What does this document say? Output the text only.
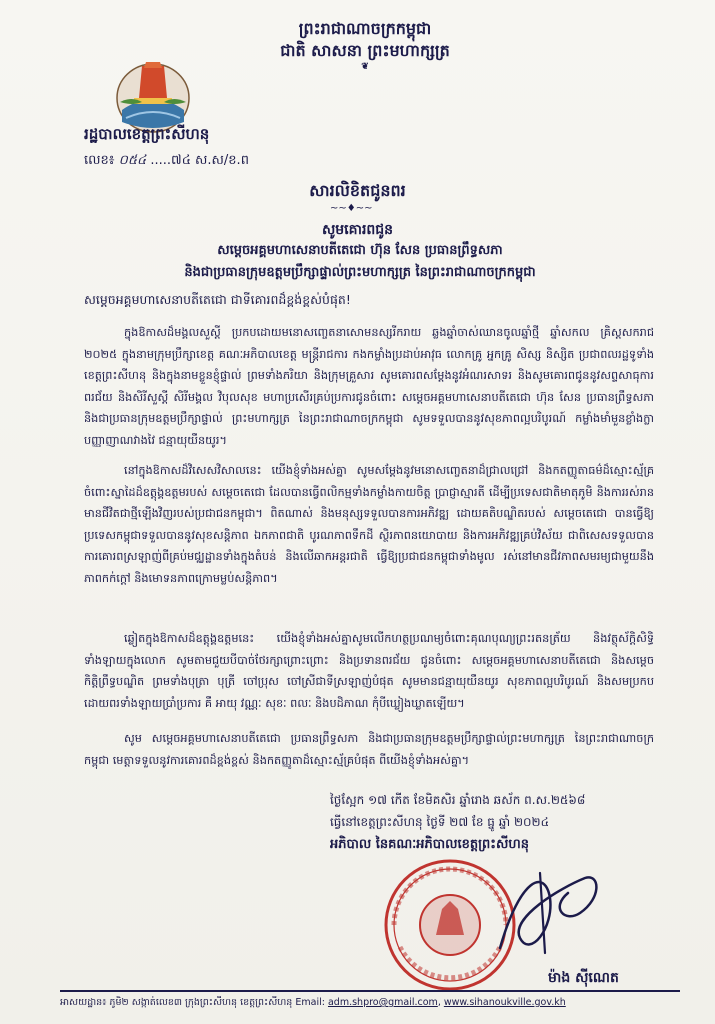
ព្រះរាជាណាចក្រកម្ពុជា
ជាតិ សាសនា ព្រះមហាក្សត្រ
❦
រដ្ឋបាលខេត្តព្រះសីហនុ
លេខ៖ ០៥៤ .....៧៤ ស.ស/ខ.ព
សារលិខិតជូនពរ
~~♦~~
សូមគោរពជូន
សម្តេចអគ្គមហាសេនាបតីតេជោ ហ៊ុន សែន ប្រធានព្រឹទ្ធសភា
និងជាប្រធានក្រុមឧត្តមប្រឹក្សាផ្ទាល់ព្រះមហាក្សត្រ នៃព្រះរាជាណាចក្រកម្ពុជា
សម្តេចអគ្គមហាសេនាបតីតេជោ ជាទីគោរពដ៏ខ្ពង់ខ្ពស់បំផុត!
ក្នុងឱកាសដ៏មង្គលសួស្តី ប្រកបដោយមនោសញ្ចេតនាសោមនស្សរីករាយ ឆ្លងឆ្នាំចាស់ឈានចូលឆ្នាំថ្មី ឆ្នាំសកល គ្រិស្តសករាជ ២០២៥ ក្នុងនាមក្រុមប្រឹក្សាខេត្ត គណៈអភិបាលខេត្ត មន្ត្រីរាជការ កងកម្លាំងប្រដាប់អាវុធ លោកគ្រូ អ្នកគ្រូ សិស្ស និស្សិត ប្រជាពលរដ្ឋទូទាំងខេត្តព្រះសីហនុ និងក្នុងនាមខ្លួនខ្ញុំផ្ទាល់ ព្រមទាំងភរិយា និងក្រុមគ្រួសារ សូមគោរពសម្តែងនូវអំណរសាទរ និងសូមគោរពជូននូវសព្ទសាធុការពរជ័យ និងសិរីសួស្តី សិរីមង្គល វិបុលសុខ មហាប្រសើរគ្រប់ប្រការជូនចំពោះ សម្តេចអគ្គមហាសេនាបតីតេជោ ហ៊ុន សែន ប្រធានព្រឹទ្ធសភា និងជាប្រធានក្រុមឧត្តមប្រឹក្សាផ្ទាល់ ព្រះមហាក្សត្រ នៃព្រះរាជាណាចក្រកម្ពុជា សូមទទួលបាននូវសុខភាពល្អបរិបូរណ៍ កម្លាំងមាំមួនខ្លាំងក្លា បញ្ញាញាណវាងវៃ ជន្មាយុយឺនយូរ។
នៅក្នុងឱកាសដ៏វិសេសវិសាលនេះ យើងខ្ញុំទាំងអស់គ្នា សូមសម្តែងនូវមនោសញ្ចេតនាដ៏ជ្រាលជ្រៅ និងកតញ្ញូតាធម៌ដ៏ស្មោះស្ម័គ្រចំពោះស្នាដៃដ៏ឧត្តុង្គឧត្តមរបស់ សម្តេចតេជោ ដែលបានធ្វើពលិកម្មទាំងកម្លាំងកាយចិត្ត ប្រាជ្ញាស្មារតី ដើម្បីប្រទេសជាតិមាតុភូមិ និងការរស់រានមានជីវិតជាថ្មីឡើងវិញរបស់ប្រជាជនកម្ពុជា។ ពិតណាស់ និងមនុស្សទទួលបានការអភិវឌ្ឍ ដោយគតិបណ្ឌិតរបស់ សម្តេចតេជោ បានធ្វើឱ្យប្រទេសកម្ពុជាទទួលបាននូវសុខសន្តិភាព ឯកភាពជាតិ បូរណភាពទឹកដី ស្ថិរភាពនយោបាយ និងការអភិវឌ្ឍគ្រប់វិស័យ ជាពិសេសទទួលបានការគោរពស្រឡាញ់ពីគ្រប់មជ្ឈដ្ឋានទាំងក្នុងតំបន់ និងលើឆាកអន្តរជាតិ ធ្វើឱ្យប្រជាជនកម្ពុជាទាំងមូល រស់នៅមានជីវភាពសមរម្យជាមួយនឹងភាពកក់ក្តៅ និងមោទនភាពក្រោមម្លប់សន្តិភាព។
ឆ្លៀតក្នុងឱកាសដ៏ឧត្តុង្គឧត្តមនេះ យើងខ្ញុំទាំងអស់គ្នាសូមលើកហត្ថប្រណម្យចំពោះគុណបុណ្យព្រះរតនត្រ័យ និងវត្ថុស័ក្តិសិទ្ធិទាំងឡាយក្នុងលោក សូមតាមជួយបីបាច់ថែរក្សាព្រោះព្រោះ និងប្រទានពរជ័យ ជូនចំពោះ សម្តេចអគ្គមហាសេនាបតីតេជោ និងសម្តេចកិត្តិព្រឹទ្ធបណ្ឌិត ព្រមទាំងបុត្រា បុត្រី ចៅប្រុស ចៅស្រីជាទីស្រឡាញ់បំផុត សូមមានជន្មាយុយឺនយូរ សុខភាពល្អបរិបូរណ៍ និងសមប្រកបដោយពរទាំងឡាយប្រាំប្រការ គឺ អាយុ វណ្ណៈ សុខៈ ពលៈ និងបដិភាណ កុំបីឃ្លៀងឃ្លាតឡើយ។
សូម សម្តេចអគ្គមហាសេនាបតីតេជោ ប្រធានព្រឹទ្ធសភា និងជាប្រធានក្រុមឧត្តមប្រឹក្សាផ្ទាល់ព្រះមហាក្សត្រ នៃព្រះរាជាណាចក្រកម្ពុជា មេត្តាទទួលនូវការគោរពដ៏ខ្ពង់ខ្ពស់ និងកតញ្ញូតាដ៏ស្មោះស្ម័គ្របំផុត ពីយើងខ្ញុំទាំងអស់គ្នា។
ថ្ងៃស្អែក ១៧ កើត ខែមិគសិរ ឆ្នាំរោង ឆស័ក ព.ស.២៥៦៨
ធ្វើនៅខេត្តព្រះសីហនុ ថ្ងៃទី ២៧ ខែ ធ្នូ ឆ្នាំ ២០២៤
អភិបាល នៃគណៈអភិបាលខេត្តព្រះសីហនុ
ម៉ាង ស៊ីណេត
អាសយដ្ឋាន៖ ភូមិ២ សង្កាត់លេខ៣ ក្រុងព្រះសីហនុ ខេត្តព្រះសីហនុ Email: adm.shpro@gmail.com, www.sihanoukville.gov.kh
